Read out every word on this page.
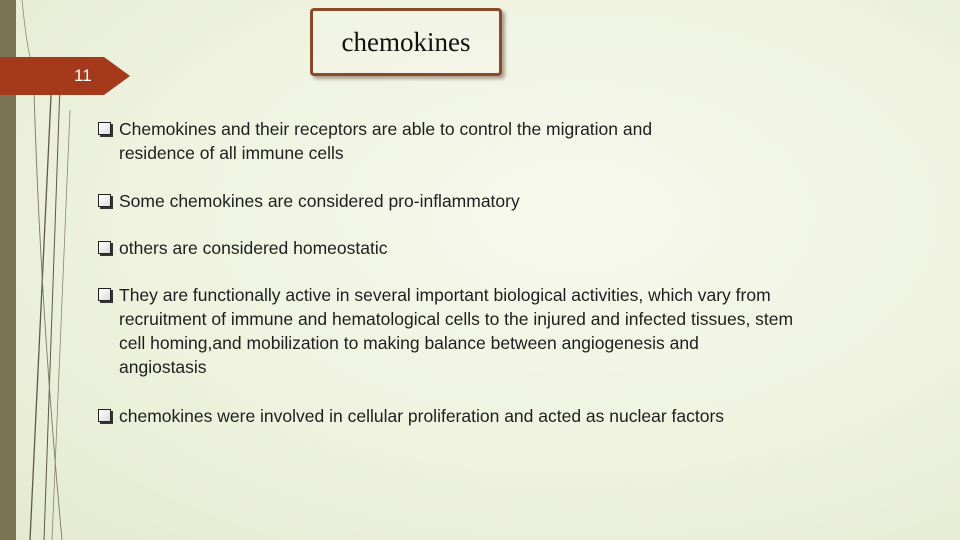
11
chemokines
Chemokines and their receptors are able to control the migration and
residence of all immune cells
Some chemokines are considered pro-inflammatory
others are considered homeostatic
They are functionally active in several important biological activities, which vary from
recruitment of immune and hematological cells to the injured and infected tissues, stem
cell homing,and mobilization to making balance between angiogenesis and
angiostasis
chemokines were involved in cellular proliferation and acted as nuclear factors
